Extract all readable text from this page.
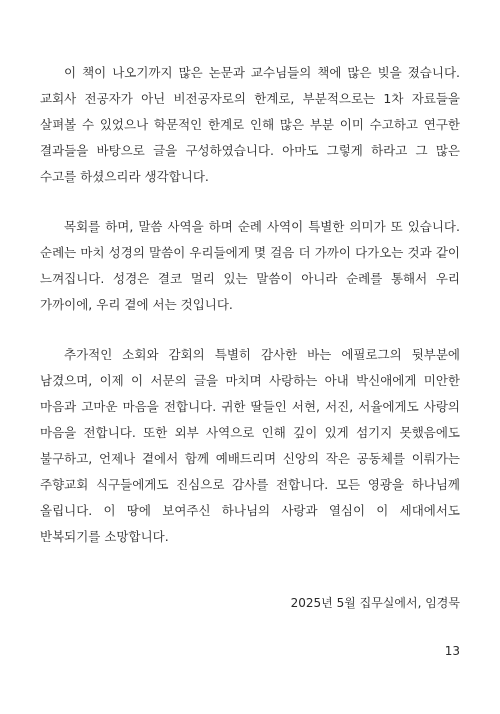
이 책이 나오기까지 많은 논문과 교수님들의 책에 많은 빚을 졌습니다. 교회사 전공자가 아닌 비전공자로의 한계로, 부분적으로는 1차 자료들을 살펴볼 수 있었으나 학문적인 한계로 인해 많은 부분 이미 수고하고 연구한 결과들을 바탕으로 글을 구성하였습니다. 아마도 그렇게 하라고 그 많은 수고를 하셨으리라 생각합니다.

목회를 하며, 말씀 사역을 하며 순례 사역이 특별한 의미가 또 있습니다. 순례는 마치 성경의 말씀이 우리들에게 몇 걸음 더 가까이 다가오는 것과 같이 느껴집니다. 성경은 결코 멀리 있는 말씀이 아니라 순례를 통해서 우리 가까이에, 우리 곁에 서는 것입니다.

추가적인 소회와 감회의 특별히 감사한 바는 에필로그의 뒷부분에 남겼으며, 이제 이 서문의 글을 마치며 사랑하는 아내 박신애에게 미안한 마음과 고마운 마음을 전합니다. 귀한 딸들인 서현, 서진, 서율에게도 사랑의 마음을 전합니다. 또한 외부 사역으로 인해 깊이 있게 섬기지 못했음에도 불구하고, 언제나 곁에서 함께 예배드리며 신앙의 작은 공동체를 이뤄가는 주향교회 식구들에게도 진심으로 감사를 전합니다. 모든 영광을 하나님께 올립니다. 이 땅에 보여주신 하나님의 사랑과 열심이 이 세대에서도 반복되기를 소망합니다.

2025년 5월 집무실에서, 임경묵
13
